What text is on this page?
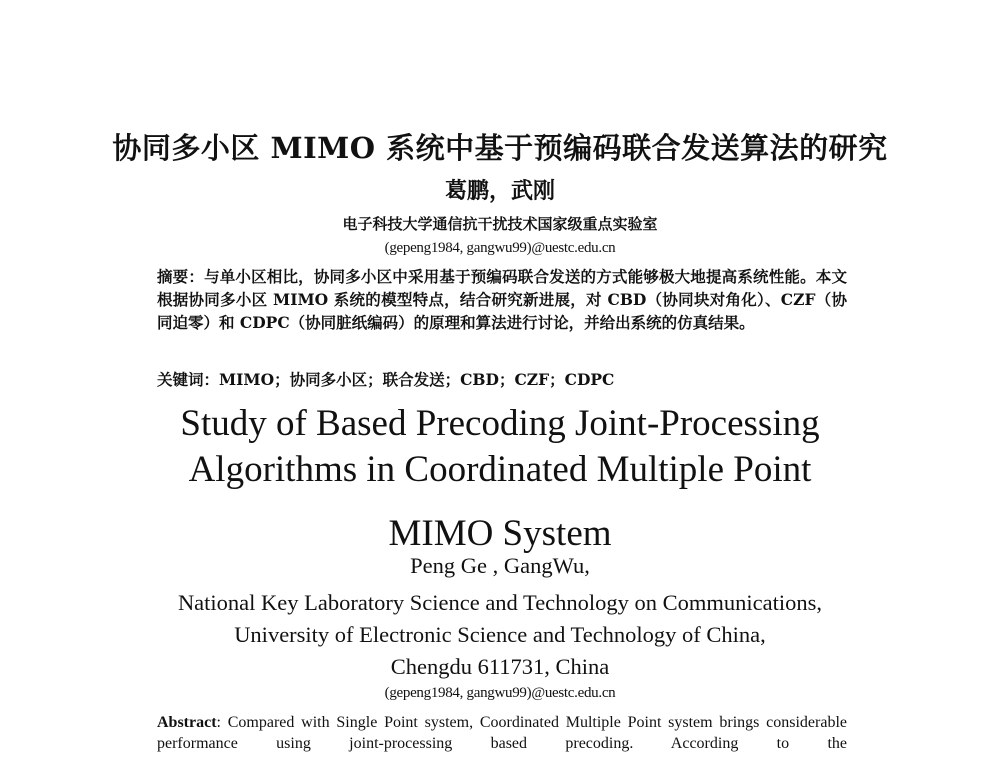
协同多小区 MIMO 系统中基于预编码联合发送算法的研究
葛鹏，武刚
电子科技大学通信抗干扰技术国家级重点实验室
(gepeng1984, gangwu99)@uestc.edu.cn
摘要：与单小区相比，协同多小区中采用基于预编码联合发送的方式能够极大地提高系统性能。本文根据协同多小区 MIMO 系统的模型特点，结合研究新进展，对 CBD（协同块对角化）、CZF（协同迫零）和 CDPC（协同脏纸编码）的原理和算法进行讨论，并给出系统的仿真结果。
关键词：MIMO；协同多小区；联合发送；CBD；CZF；CDPC
Study of Based Precoding Joint-Processing
Algorithms in Coordinated Multiple Point
MIMO System
Peng Ge , GangWu,
National Key Laboratory Science and Technology on Communications,
University of Electronic Science and Technology of China,
Chengdu 611731, China
(gepeng1984, gangwu99)@uestc.edu.cn
Abstract: Compared with Single Point system, Coordinated Multiple Point system brings considerable performance using joint-processing based precoding. According to the
